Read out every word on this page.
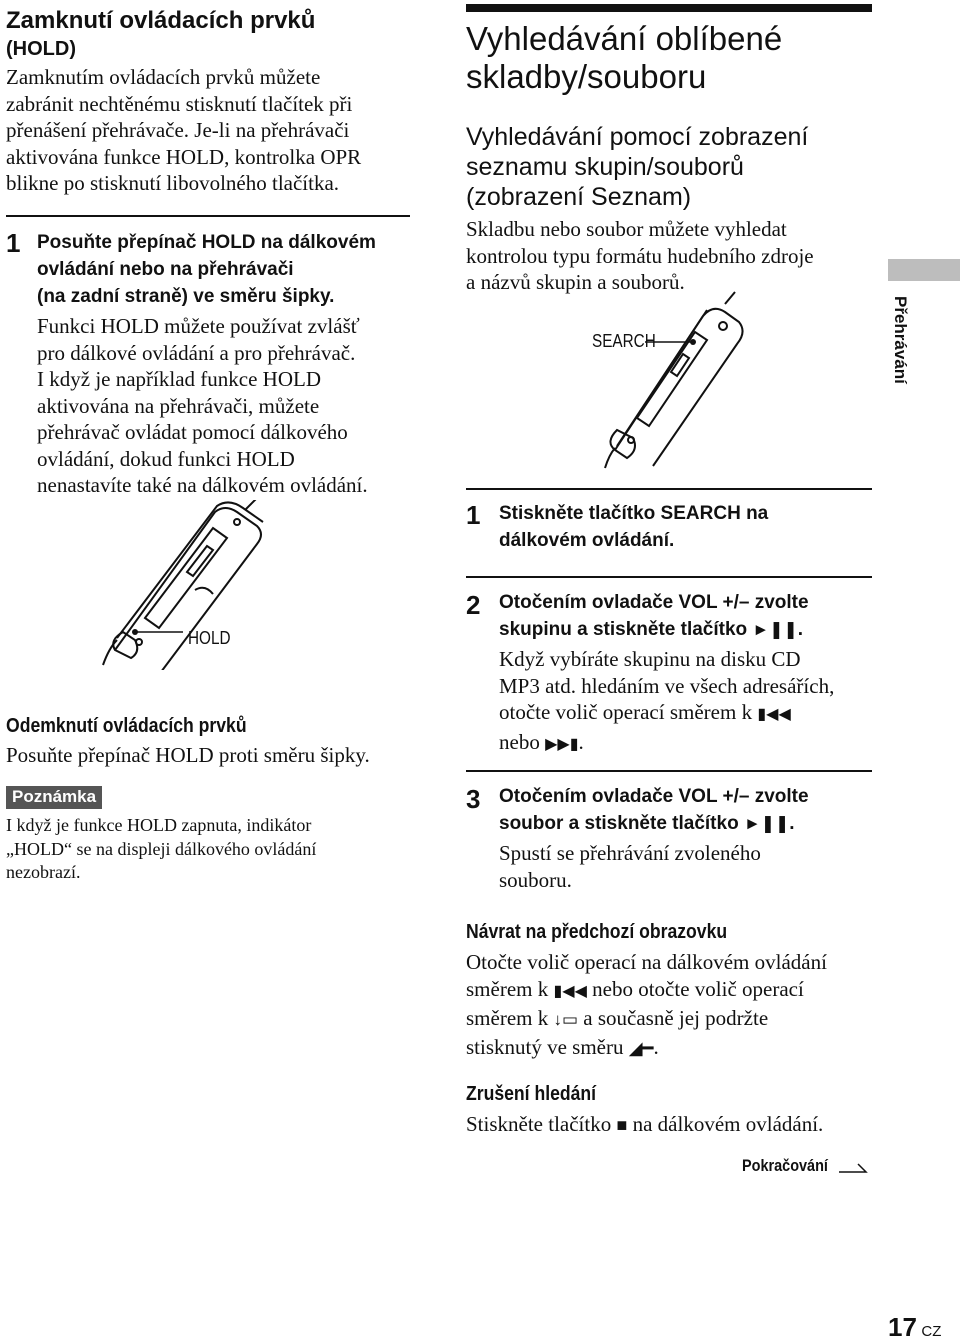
Zamknutí ovládacích prvků
(HOLD)
Zamknutím ovládacích prvků můžete
zabránit nechtěnému stisknutí tlačítek při
přenášení přehrávače. Je-li na přehrávači
aktivována funkce HOLD, kontrolka OPR
blikne po stisknutí libovolného tlačítka.
1 Posuňte přepínač HOLD na dálkovém
ovládání nebo na přehrávači
(na zadní straně) ve směru šipky.
Funkci HOLD můžete používat zvlášť
pro dálkové ovládání a pro přehrávač.
I když je například funkce HOLD
aktivována na přehrávači, můžete
přehrávač ovládat pomocí dálkového
ovládání, dokud funkci HOLD
nenastavíte také na dálkovém ovládání.
HOLD
Odemknutí ovládacích prvků
Posuňte přepínač HOLD proti směru šipky.
Poznámka
I když je funkce HOLD zapnuta, indikátor
„HOLD“ se na displeji dálkového ovládání
nezobrazí.
Vyhledávání oblíbené
skladby/souboru
Vyhledávání pomocí zobrazení
seznamu skupin/souborů
(zobrazení Seznam)
Skladbu nebo soubor můžete vyhledat
kontrolou typu formátu hudebního zdroje
a názvů skupin a souborů.
SEARCH
1 Stiskněte tlačítko SEARCH na
dálkovém ovládání.
2 Otočením ovladače VOL +/– zvolte
skupinu a stiskněte tlačítko ►❚❚.
Když vybíráte skupinu na disku CD
MP3 atd. hledáním ve všech adresářích,
otočte volič operací směrem k ▮◀◀
nebo ▶▶▮.
3 Otočením ovladače VOL +/– zvolte
soubor a stiskněte tlačítko ►❚❚.
Spustí se přehrávání zvoleného
souboru.
Návrat na předchozí obrazovku
Otočte volič operací na dálkovém ovládání
směrem k ▮◀◀ nebo otočte volič operací
směrem k ↓▭ a současně jej podržte
stisknutý ve směru ◢━.
Zrušení hledání
Stiskněte tlačítko ■ na dálkovém ovládání.
Pokračování
Přehrávání
17 CZ
